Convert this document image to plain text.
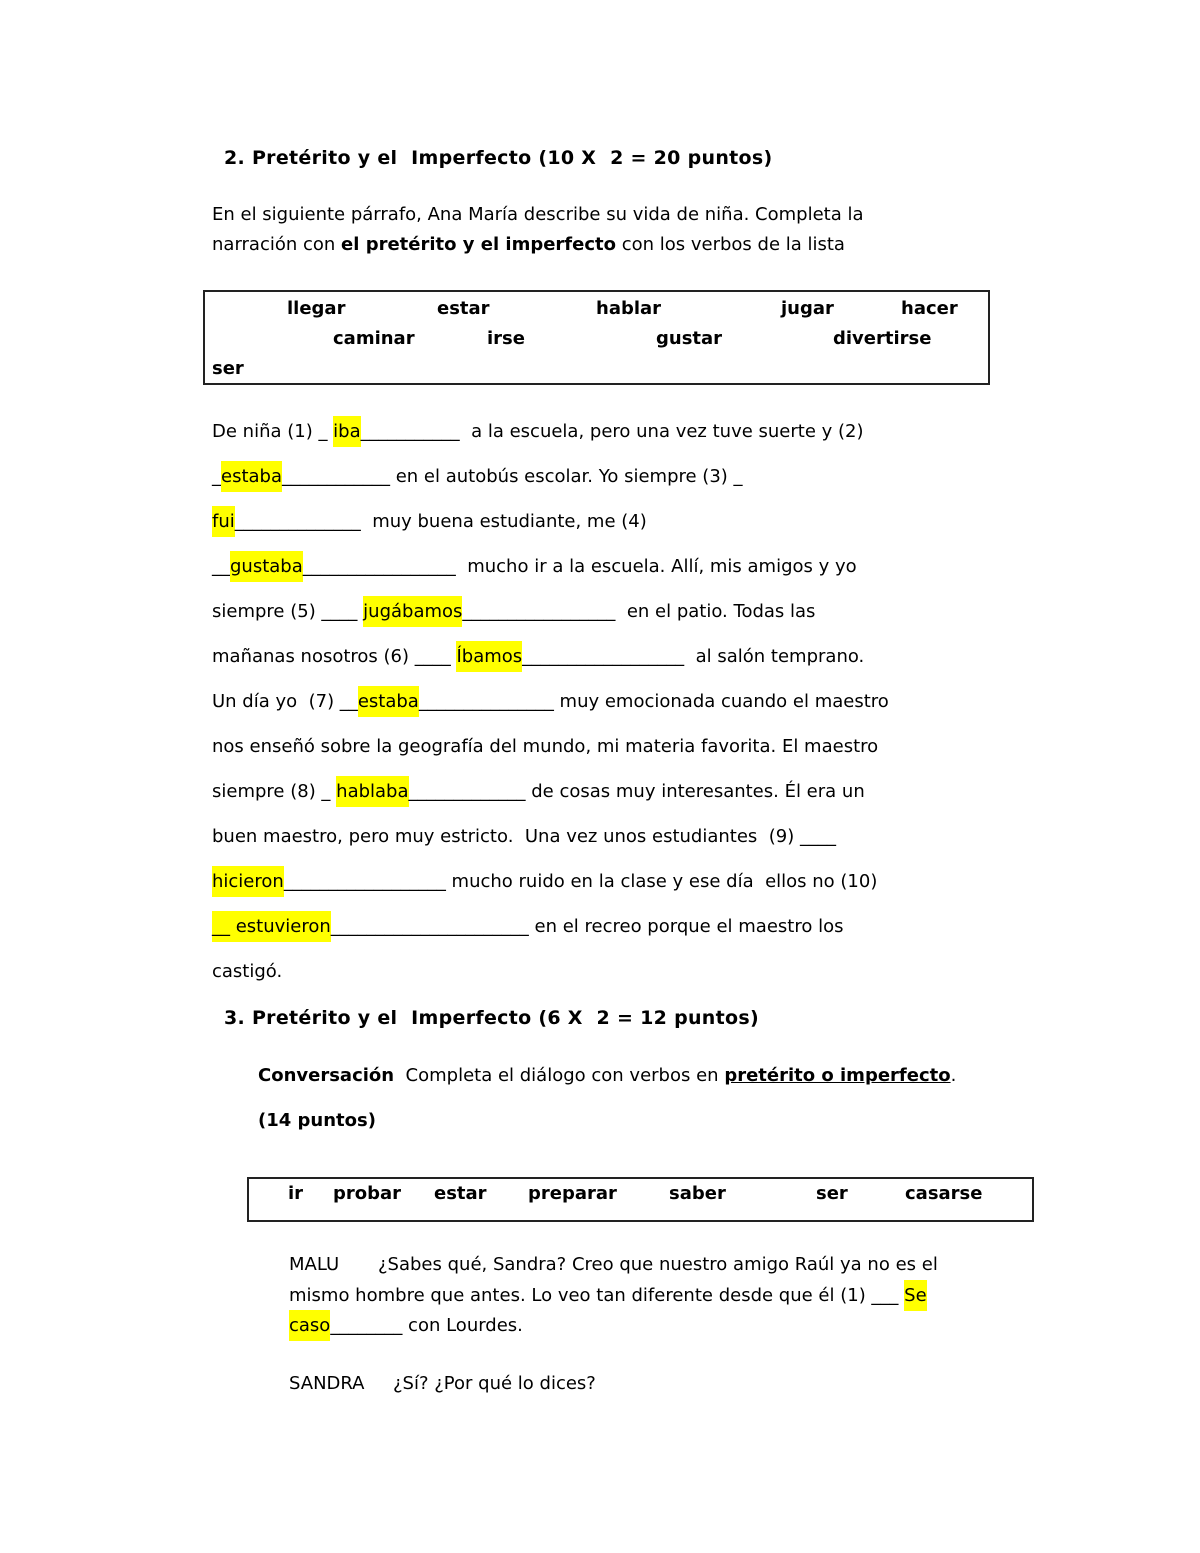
2. Pretérito y el  Imperfecto (10 X  2 = 20 puntos)
En el siguiente párrafo, Ana María describe su vida de niña. Completa la
narración con el pretérito y el imperfecto con los verbos de la lista
llegar	estar	hablar	jugar	hacer
caminar	irse	gustar	divertirse
ser
De niña (1) _ iba___________  a la escuela, pero una vez tuve suerte y (2)
_estaba____________ en el autobús escolar. Yo siempre (3) _
fui______________  muy buena estudiante, me (4)
__gustaba_________________  mucho ir a la escuela. Allí, mis amigos y yo
siempre (5) ____ jugábamos_________________  en el patio. Todas las
mañanas nosotros (6) ____ Íbamos__________________  al salón temprano.
Un día yo  (7) __estaba_______________ muy emocionada cuando el maestro
nos enseñó sobre la geografía del mundo, mi materia favorita. El maestro
siempre (8) _ hablaba_____________ de cosas muy interesantes. Él era un
buen maestro, pero muy estricto.  Una vez unos estudiantes  (9) ____
hicieron__________________ mucho ruido en la clase y ese día  ellos no (10)
__ estuvieron______________________ en el recreo porque el maestro los
castigó.
3. Pretérito y el  Imperfecto (6 X  2 = 12 puntos)
Conversación  Completa el diálogo con verbos en pretérito o imperfecto.
(14 puntos)
ir probar estar preparar	saber	ser	casarse
MALU ¿Sabes qué, Sandra? Creo que nuestro amigo Raúl ya no es el
mismo hombre que antes. Lo veo tan diferente desde que él (1) ___ Se
caso________ con Lourdes.
SANDRA ¿Sí? ¿Por qué lo dices?
